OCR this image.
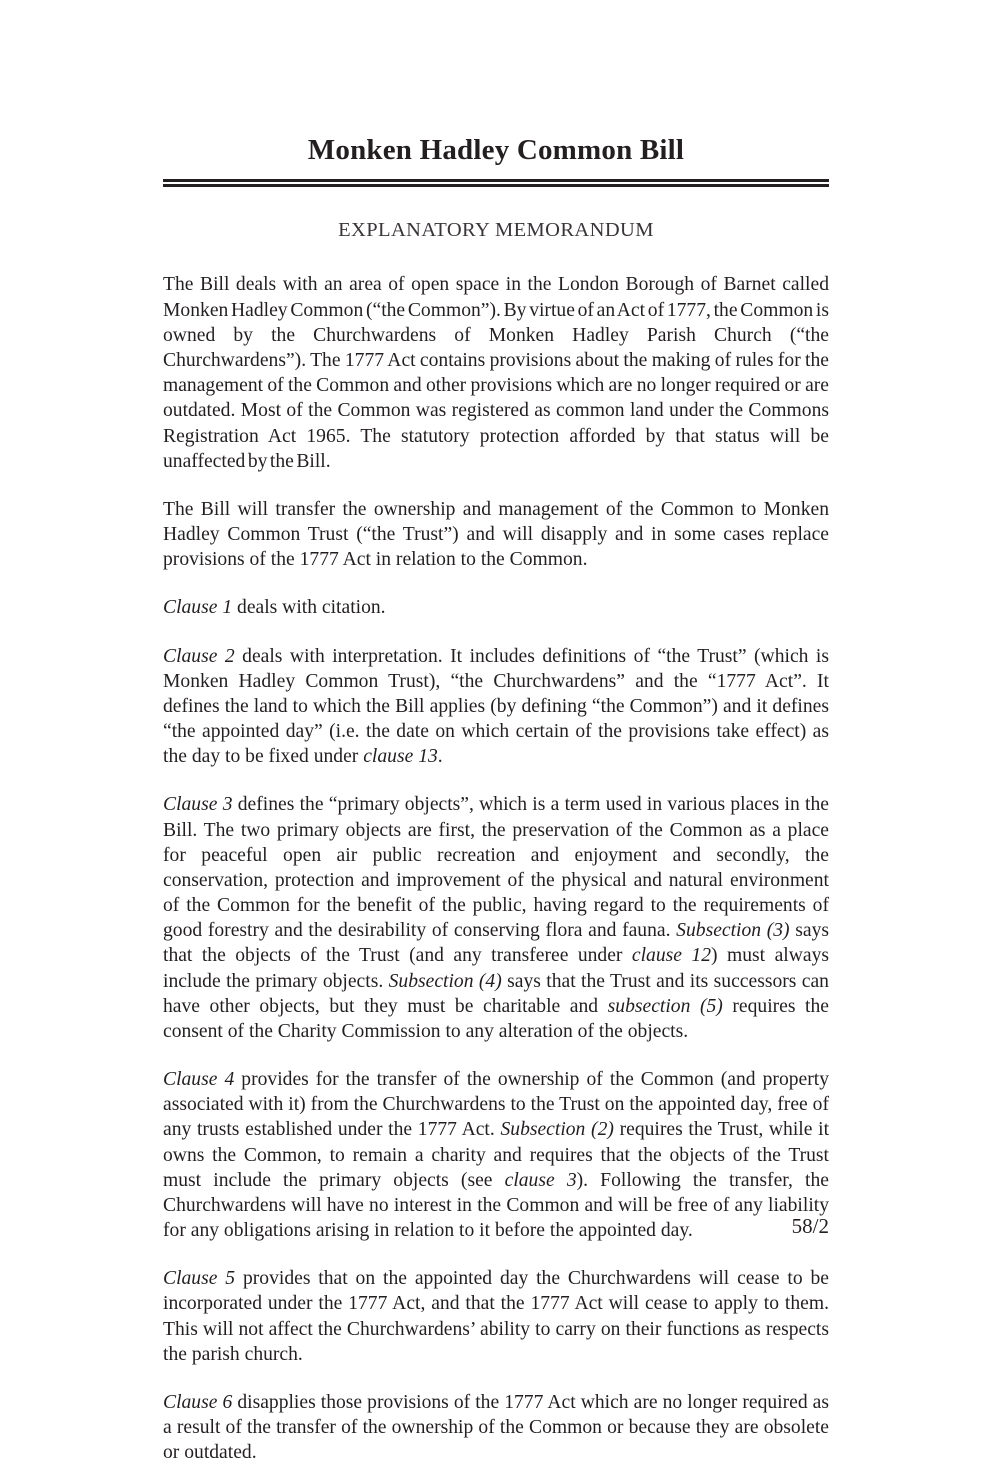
Monken Hadley Common Bill
EXPLANATORY MEMORANDUM

The Bill deals with an area of open space in the London Borough of Barnet called Monken Hadley Common (“the Common”). By virtue of an Act of 1777, the Common is owned by the Churchwardens of Monken Hadley Parish Church (“the Churchwardens”). The 1777 Act contains provisions about the making of rules for the management of the Common and other provisions which are no longer required or are outdated. Most of the Common was registered as common land under the Commons Registration Act 1965. The statutory protection afforded by that status will be unaffected by the Bill.

The Bill will transfer the ownership and management of the Common to Monken Hadley Common Trust (“the Trust”) and will disapply and in some cases replace provisions of the 1777 Act in relation to the Common.

Clause 1 deals with citation.

Clause 2 deals with interpretation. It includes definitions of “the Trust” (which is Monken Hadley Common Trust), “the Churchwardens” and the “1777 Act”. It defines the land to which the Bill applies (by defining “the Common”) and it defines “the appointed day” (i.e. the date on which certain of the provisions take effect) as the day to be fixed under clause 13.

Clause 3 defines the “primary objects”, which is a term used in various places in the Bill. The two primary objects are first, the preservation of the Common as a place for peaceful open air public recreation and enjoyment and secondly, the conservation, protection and improvement of the physical and natural environment of the Common for the benefit of the public, having regard to the requirements of good forestry and the desirability of conserving flora and fauna. Subsection (3) says that the objects of the Trust (and any transferee under clause 12) must always include the primary objects. Subsection (4) says that the Trust and its successors can have other objects, but they must be charitable and subsection (5) requires the consent of the Charity Commission to any alteration of the objects.

Clause 4 provides for the transfer of the ownership of the Common (and property associated with it) from the Churchwardens to the Trust on the appointed day, free of any trusts established under the 1777 Act. Subsection (2) requires the Trust, while it owns the Common, to remain a charity and requires that the objects of the Trust must include the primary objects (see clause 3). Following the transfer, the Churchwardens will have no interest in the Common and will be free of any liability for any obligations arising in relation to it before the appointed day.

Clause 5 provides that on the appointed day the Churchwardens will cease to be incorporated under the 1777 Act, and that the 1777 Act will cease to apply to them. This will not affect the Churchwardens’ ability to carry on their functions as respects the parish church.

Clause 6 disapplies those provisions of the 1777 Act which are no longer required as a result of the transfer of the ownership of the Common or because they are obsolete or outdated.

58/2
